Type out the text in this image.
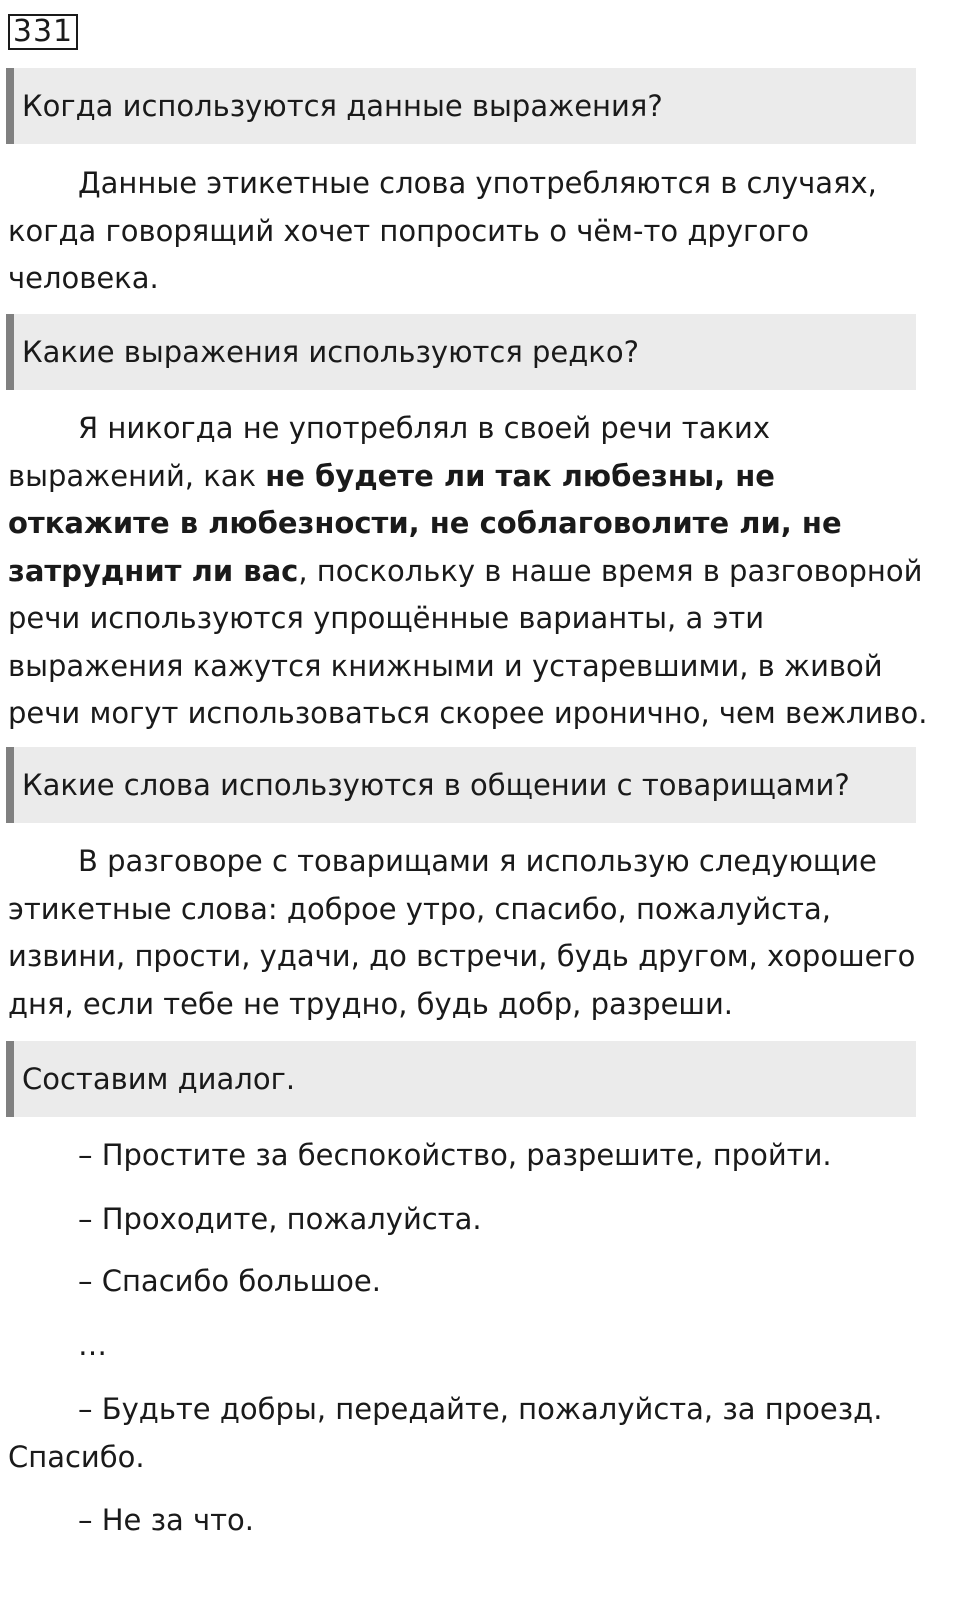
331
Когда используются данные выражения?
Данные этикетные слова употребляются в случаях, когда говорящий хочет попросить о чём-то другого человека.
Какие выражения используются редко?
Я никогда не употреблял в своей речи таких выражений, как не будете ли так любезны, не откажите в любезности, не соблаговолите ли, не затруднит ли вас, поскольку в наше время в разговорной речи используются упрощённые варианты, а эти выражения кажутся книжными и устаревшими, в живой речи могут использоваться скорее иронично, чем вежливо.
Какие слова используются в общении с товарищами?
В разговоре с товарищами я использую следующие этикетные слова: доброе утро, спасибо, пожалуйста, извини, прости, удачи, до встречи, будь другом, хорошего дня, если тебе не трудно, будь добр, разреши.
Составим диалог.
– Простите за беспокойство, разрешите, пройти.
– Проходите, пожалуйста.
– Спасибо большое.
…
– Будьте добры, передайте, пожалуйста, за проезд. Спасибо.
– Не за что.
